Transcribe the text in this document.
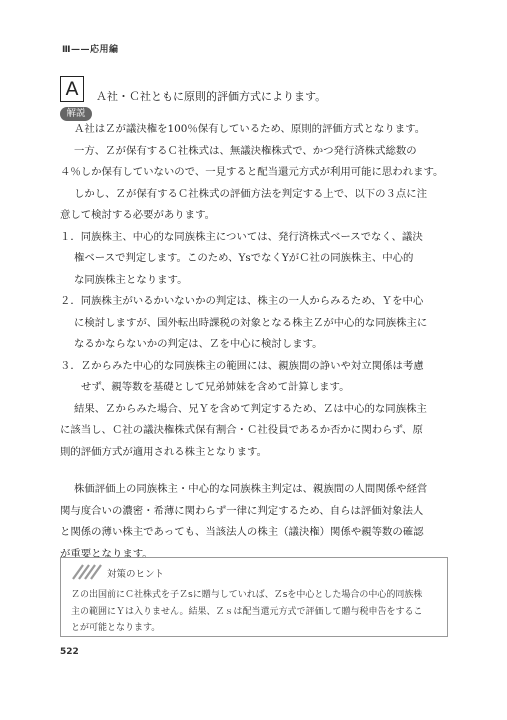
Ⅲ——応用編
A	Ａ社・Ｃ社ともに原則的評価方式によります。
解説
Ａ社はＺが議決権を100％保有しているため、原則的評価方式となります。
一方、Ｚが保有するＣ社株式は、無議決権株式で、かつ発行済株式総数の
４％しか保有していないので、一見すると配当還元方式が利用可能に思われます。
しかし、Ｚが保有するＣ社株式の評価方法を判定する上で、以下の３点に注
意して検討する必要があります。
１．同族株主、中心的な同族株主については、発行済株式ベースでなく、議決
権ベースで判定します。このため、YsでなくYがＣ社の同族株主、中心的
な同族株主となります。
２．同族株主がいるかいないかの判定は、株主の一人からみるため、Ｙを中心
に検討しますが、国外転出時課税の対象となる株主Ｚが中心的な同族株主に
なるかならないかの判定は、Ｚを中心に検討します。
３．Ｚからみた中心的な同族株主の範囲には、親族間の諍いや対立関係は考慮
せず、親等数を基礎として兄弟姉妹を含めて計算します。
結果、Ｚからみた場合、兄Ｙを含めて判定するため、Ｚは中心的な同族株主
に該当し、Ｃ社の議決権株式保有割合・Ｃ社役員であるか否かに関わらず、原
則的評価方式が適用される株主となります。
株価評価上の同族株主・中心的な同族株主判定は、親族間の人間関係や経営
関与度合いの濃密・希薄に関わらず一律に判定するため、自らは評価対象法人
と関係の薄い株主であっても、当該法人の株主（議決権）関係や親等数の確認
が重要となります。
対策のヒント
Ｚの出国前にＣ社株式を子Ｚsに贈与していれば、Ｚsを中心とした場合の中心的同族株
主の範囲にＹは入りません。結果、Ｚｓは配当還元方式で評価して贈与税申告をするこ
とが可能となります。
522
